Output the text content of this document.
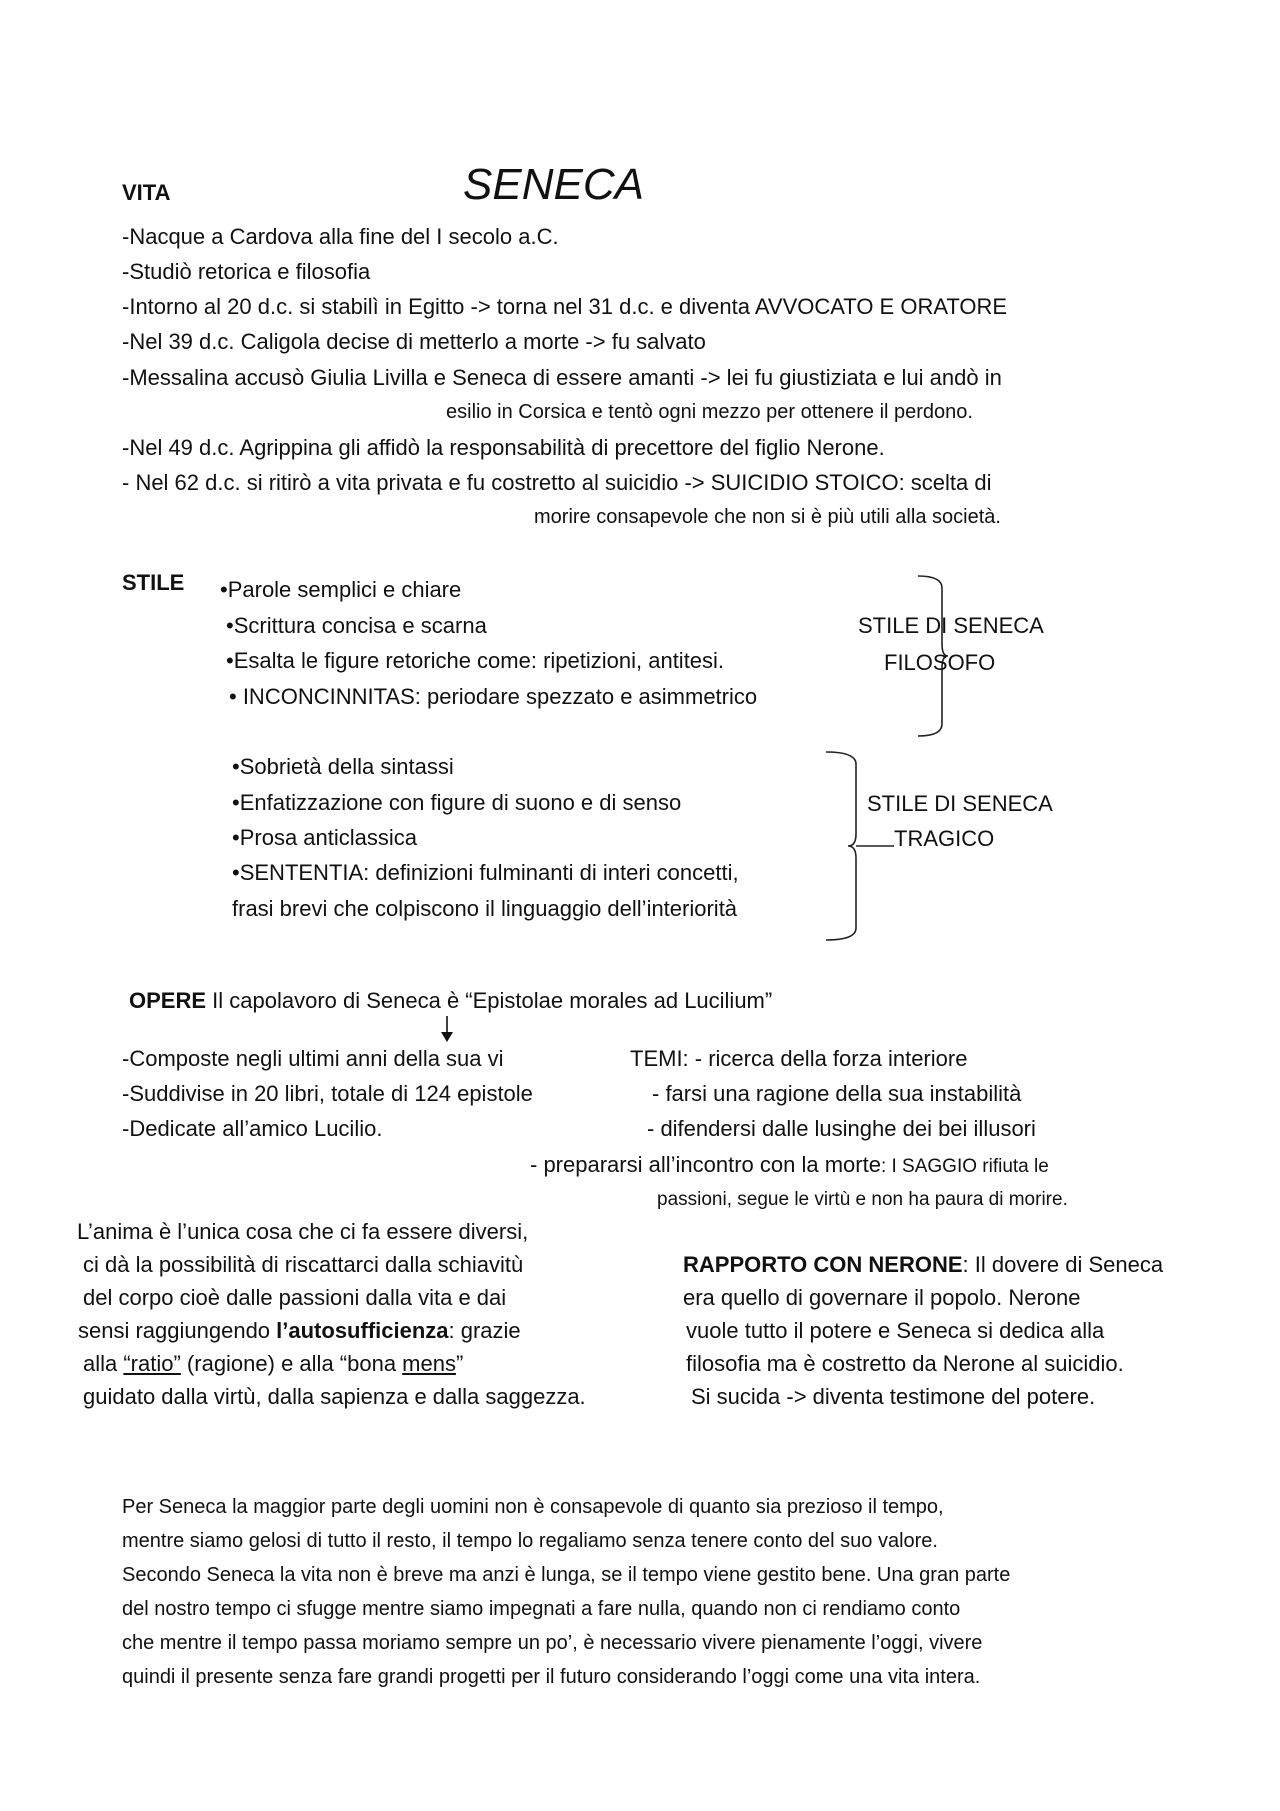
VITA	SENECA
-Nacque a Cardova alla fine del I secolo a.C.
-Studiò retorica e filosofia
-Intorno al 20 d.c. si stabilì in Egitto -> torna nel 31 d.c. e diventa AVVOCATO E ORATORE
-Nel 39 d.c. Caligola decise di metterlo a morte -> fu salvato
-Messalina accusò Giulia Livilla e Seneca di essere amanti -> lei fu giustiziata e lui andò in
esilio in Corsica e tentò ogni mezzo per ottenere il perdono.
-Nel 49 d.c. Agrippina gli affidò la responsabilità di precettore del figlio Nerone.
- Nel 62 d.c. si ritirò a vita privata e fu costretto al suicidio -> SUICIDIO STOICO: scelta di
morire consapevole che non si è più utili alla società.
STILE •Parole semplici e chiare
•Scrittura concisa e scarna
•Esalta le figure retoriche come: ripetizioni, antitesi.
• INCONCINNITAS: periodare spezzato e asimmetrico
STILE DI SENECA
FILOSOFO
•Sobrietà della sintassi
•Enfatizzazione con figure di suono e di senso
•Prosa anticlassica
•SENTENTIA: definizioni fulminanti di interi concetti,
frasi brevi che colpiscono il linguaggio dell’interiorità
STILE DI SENECA
TRAGICO
OPERE Il capolavoro di Seneca è “Epistolae morales ad Lucilium”
-Composte negli ultimi anni della sua vi
-Suddivise in 20 libri, totale di 124 epistole
-Dedicate all’amico Lucilio.
TEMI: - ricerca della forza interiore
- farsi una ragione della sua instabilità
- difendersi dalle lusinghe dei bei illusori
- prepararsi all’incontro con la morte: I SAGGIO rifiuta le
passioni, segue le virtù e non ha paura di morire.
L’anima è l’unica cosa che ci fa essere diversi,
ci dà la possibilità di riscattarci dalla schiavitù
del corpo cioè dalle passioni dalla vita e dai
sensi raggiungendo l’autosufficienza: grazie
alla “ratio” (ragione) e alla “bona mens”
guidato dalla virtù, dalla sapienza e dalla saggezza.
RAPPORTO CON NERONE: Il dovere di Seneca
era quello di governare il popolo. Nerone
vuole tutto il potere e Seneca si dedica alla
filosofia ma è costretto da Nerone al suicidio.
Si sucida -> diventa testimone del potere.
Per Seneca la maggior parte degli uomini non è consapevole di quanto sia prezioso il tempo,
mentre siamo gelosi di tutto il resto, il tempo lo regaliamo senza tenere conto del suo valore.
Secondo Seneca la vita non è breve ma anzi è lunga, se il tempo viene gestito bene. Una gran parte
del nostro tempo ci sfugge mentre siamo impegnati a fare nulla, quando non ci rendiamo conto
che mentre il tempo passa moriamo sempre un po’, è necessario vivere pienamente l’oggi, vivere
quindi il presente senza fare grandi progetti per il futuro considerando l’oggi come una vita intera.
